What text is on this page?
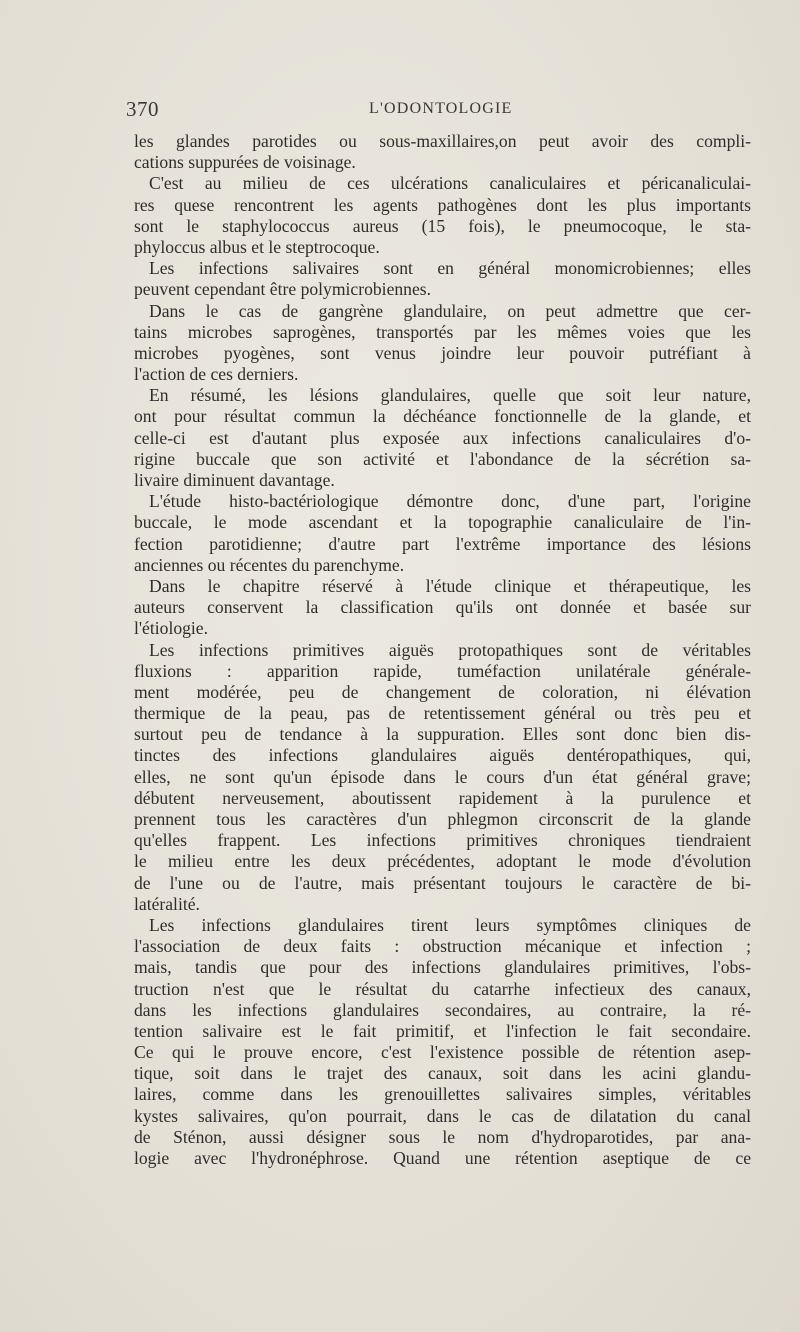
370	L'ODONTOLOGIE
les glandes parotides ou sous-maxillaires,on peut avoir des compli-
cations suppurées de voisinage.
C'est au milieu de ces ulcérations canaliculaires et péricanaliculai-
res quese rencontrent les agents pathogènes dont les plus importants
sont le staphylococcus aureus (15 fois), le pneumocoque, le sta-
phyloccus albus et le steptrocoque.
Les infections salivaires sont en général monomicrobiennes; elles
peuvent cependant être polymicrobiennes.
Dans le cas de gangrène glandulaire, on peut admettre que cer-
tains microbes saprogènes, transportés par les mêmes voies que les
microbes pyogènes, sont venus joindre leur pouvoir putréfiant à
l'action de ces derniers.
En résumé, les lésions glandulaires, quelle que soit leur nature,
ont pour résultat commun la déchéance fonctionnelle de la glande, et
celle-ci est d'autant plus exposée aux infections canaliculaires d'o-
rigine buccale que son activité et l'abondance de la sécrétion sa-
livaire diminuent davantage.
L'étude histo-bactériologique démontre donc, d'une part, l'origine
buccale, le mode ascendant et la topographie canaliculaire de l'in-
fection parotidienne; d'autre part l'extrême importance des lésions
anciennes ou récentes du parenchyme.
Dans le chapitre réservé à l'étude clinique et thérapeutique, les
auteurs conservent la classification qu'ils ont donnée et basée sur
l'étiologie.
Les infections primitives aiguës protopathiques sont de véritables
fluxions : apparition rapide, tuméfaction unilatérale générale-
ment modérée, peu de changement de coloration, ni élévation
thermique de la peau, pas de retentissement général ou très peu et
surtout peu de tendance à la suppuration. Elles sont donc bien dis-
tinctes des infections glandulaires aiguës dentéropathiques, qui,
elles, ne sont qu'un épisode dans le cours d'un état général grave;
débutent nerveusement, aboutissent rapidement à la purulence et
prennent tous les caractères d'un phlegmon circonscrit de la glande
qu'elles frappent. Les infections primitives chroniques tiendraient
le milieu entre les deux précédentes, adoptant le mode d'évolution
de l'une ou de l'autre, mais présentant toujours le caractère de bi-
latéralité.
Les infections glandulaires tirent leurs symptômes cliniques de
l'association de deux faits : obstruction mécanique et infection ;
mais, tandis que pour des infections glandulaires primitives, l'obs-
truction n'est que le résultat du catarrhe infectieux des canaux,
dans les infections glandulaires secondaires, au contraire, la ré-
tention salivaire est le fait primitif, et l'infection le fait secondaire.
Ce qui le prouve encore, c'est l'existence possible de rétention asep-
tique, soit dans le trajet des canaux, soit dans les acini glandu-
laires, comme dans les grenouillettes salivaires simples, véritables
kystes salivaires, qu'on pourrait, dans le cas de dilatation du canal
de Sténon, aussi désigner sous le nom d'hydroparotides, par ana-
logie avec l'hydronéphrose. Quand une rétention aseptique de ce
